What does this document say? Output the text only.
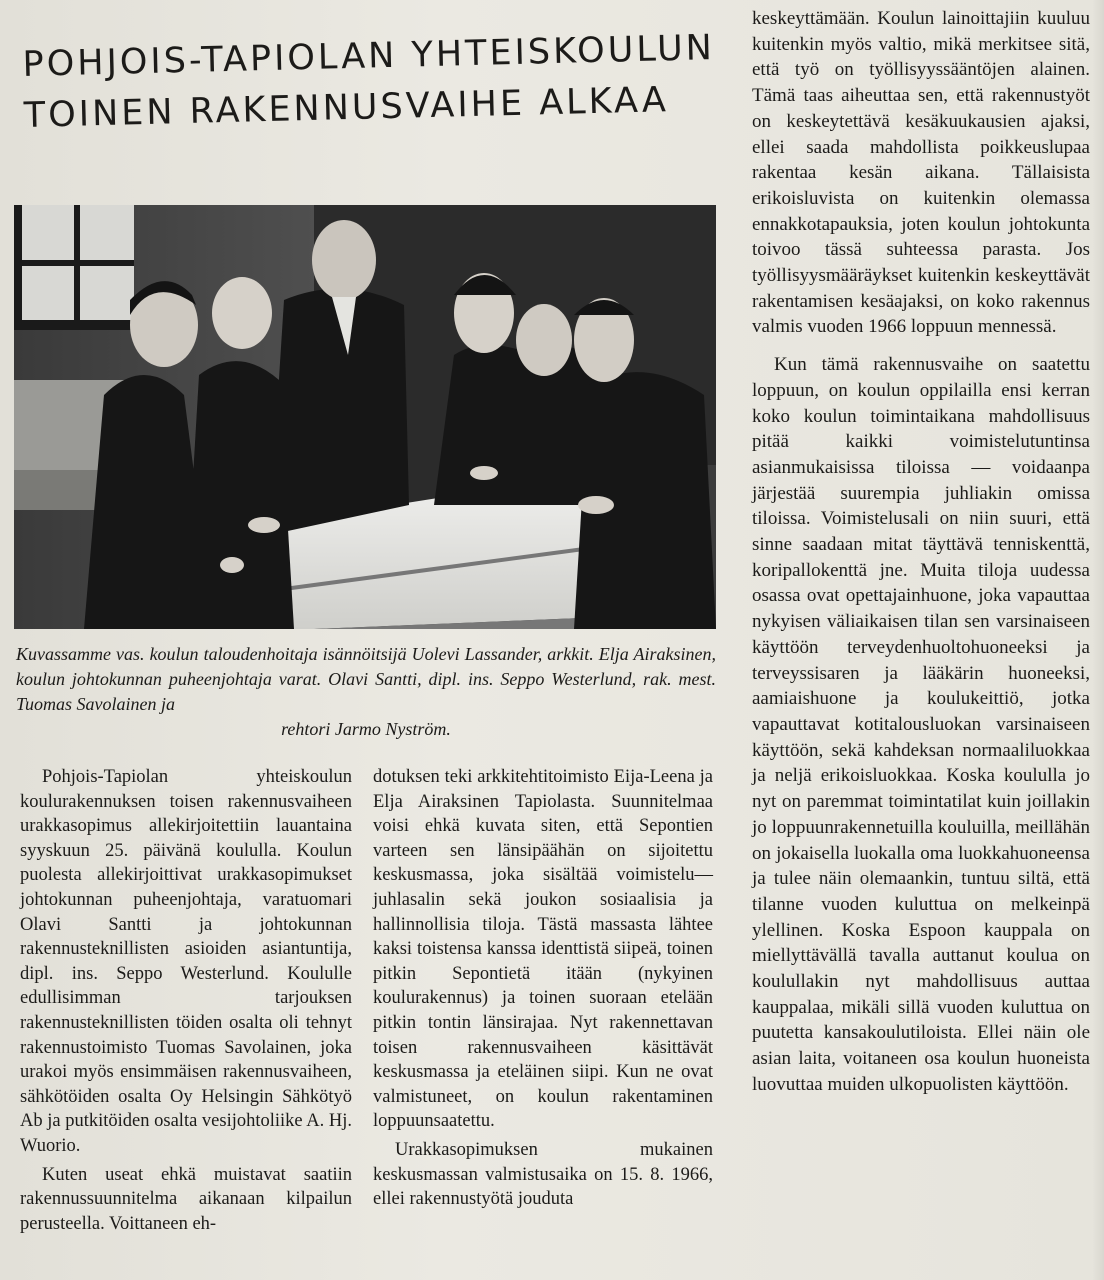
POHJOIS-TAPIOLAN YHTEISKOULUN
TOINEN RAKENNUSVAIHE ALKAA

Kuvassamme vas. koulun taloudenhoitaja isännöitsijä Uolevi Lassander, arkkit. Elja Airaksinen, koulun johtokunnan puheenjohtaja varat. Olavi Santti, dipl. ins. Seppo Westerlund, rak. mest. Tuomas Savolainen ja
rehtori Jarmo Nyström.

Pohjois-Tapiolan yhteiskoulun koulurakennuksen toisen rakennusvaiheen urakkasopimus allekirjoitettiin lauantaina syyskuun 25. päivänä koululla. Koulun puolesta allekirjoittivat urakkasopimukset johtokunnan puheenjohtaja, varatuomari Olavi Santti ja johtokunnan rakennusteknillisten asioiden asiantuntija, dipl. ins. Seppo Westerlund. Koululle edullisimman tarjouksen rakennusteknillisten töiden osalta oli tehnyt rakennustoimisto Tuomas Savolainen, joka urakoi myös ensimmäisen rakennusvaiheen, sähkötöiden osalta Oy Helsingin Sähkötyö Ab ja putkitöiden osalta vesijohtoliike A. Hj. Wuorio.

Kuten useat ehkä muistavat saatiin rakennussuunnitelma aikanaan kilpailun perusteella. Voittaneen eh-

dotuksen teki arkkitehtitoimisto Eija-Leena ja Elja Airaksinen Tapiolasta. Suunnitelmaa voisi ehkä kuvata siten, että Sepontien varteen sen länsipäähän on sijoitettu keskusmassa, joka sisältää voimistelu—juhlasalin sekä joukon sosiaalisia ja hallinnollisia tiloja. Tästä massasta lähtee kaksi toistensa kanssa identtistä siipeä, toinen pitkin Sepontietä itään (nykyinen koulurakennus) ja toinen suoraan etelään pitkin tontin länsirajaa. Nyt rakennettavan toisen rakennusvaiheen käsittävät keskusmassa ja eteläinen siipi. Kun ne ovat valmistuneet, on koulun rakentaminen loppuunsaatettu.

Urakkasopimuksen mukainen keskusmassan valmistusaika on 15. 8. 1966, ellei rakennustyötä jouduta

keskeyttämään. Koulun lainoittajiin kuuluu kuitenkin myös valtio, mikä merkitsee sitä, että työ on työllisyyssääntöjen alainen. Tämä taas aiheuttaa sen, että rakennustyöt on keskeytettävä kesäkuukausien ajaksi, ellei saada mahdollista poikkeuslupaa rakentaa kesän aikana. Tällaisista erikoisluvista on kuitenkin olemassa ennakkotapauksia, joten koulun johtokunta toivoo tässä suhteessa parasta. Jos työllisyysmääräykset kuitenkin keskeyttävät rakentamisen kesäajaksi, on koko rakennus valmis vuoden 1966 loppuun mennessä.

Kun tämä rakennusvaihe on saatettu loppuun, on koulun oppilailla ensi kerran koko koulun toimintaikana mahdollisuus pitää kaikki voimistelutuntinsa asianmukaisissa tiloissa — voidaanpa järjestää suurempia juhliakin omissa tiloissa. Voimistelusali on niin suuri, että sinne saadaan mitat täyttävä tenniskenttä, koripallokenttä jne. Muita tiloja uudessa osassa ovat opettajainhuone, joka vapauttaa nykyisen väliaikaisen tilan sen varsinaiseen käyttöön terveydenhuoltohuoneeksi ja terveyssisaren ja lääkärin huoneeksi, aamiaishuone ja koulukeittiö, jotka vapauttavat kotitalousluokan varsinaiseen käyttöön, sekä kahdeksan normaaliluokkaa ja neljä erikoisluokkaa. Koska koululla jo nyt on paremmat toimintatilat kuin joillakin jo loppuunrakennetuilla kouluilla, meillähän on jokaisella luokalla oma luokkahuoneensa ja tulee näin olemaankin, tuntuu siltä, että tilanne vuoden kuluttua on melkeinpä ylellinen. Koska Espoon kauppala on miellyttävällä tavalla auttanut koulua on koulullakin nyt mahdollisuus auttaa kauppalaa, mikäli sillä vuoden kuluttua on puutetta kansakoulutiloista. Ellei näin ole asian laita, voitaneen osa koulun huoneista luovuttaa muiden ulkopuolisten käyttöön.
